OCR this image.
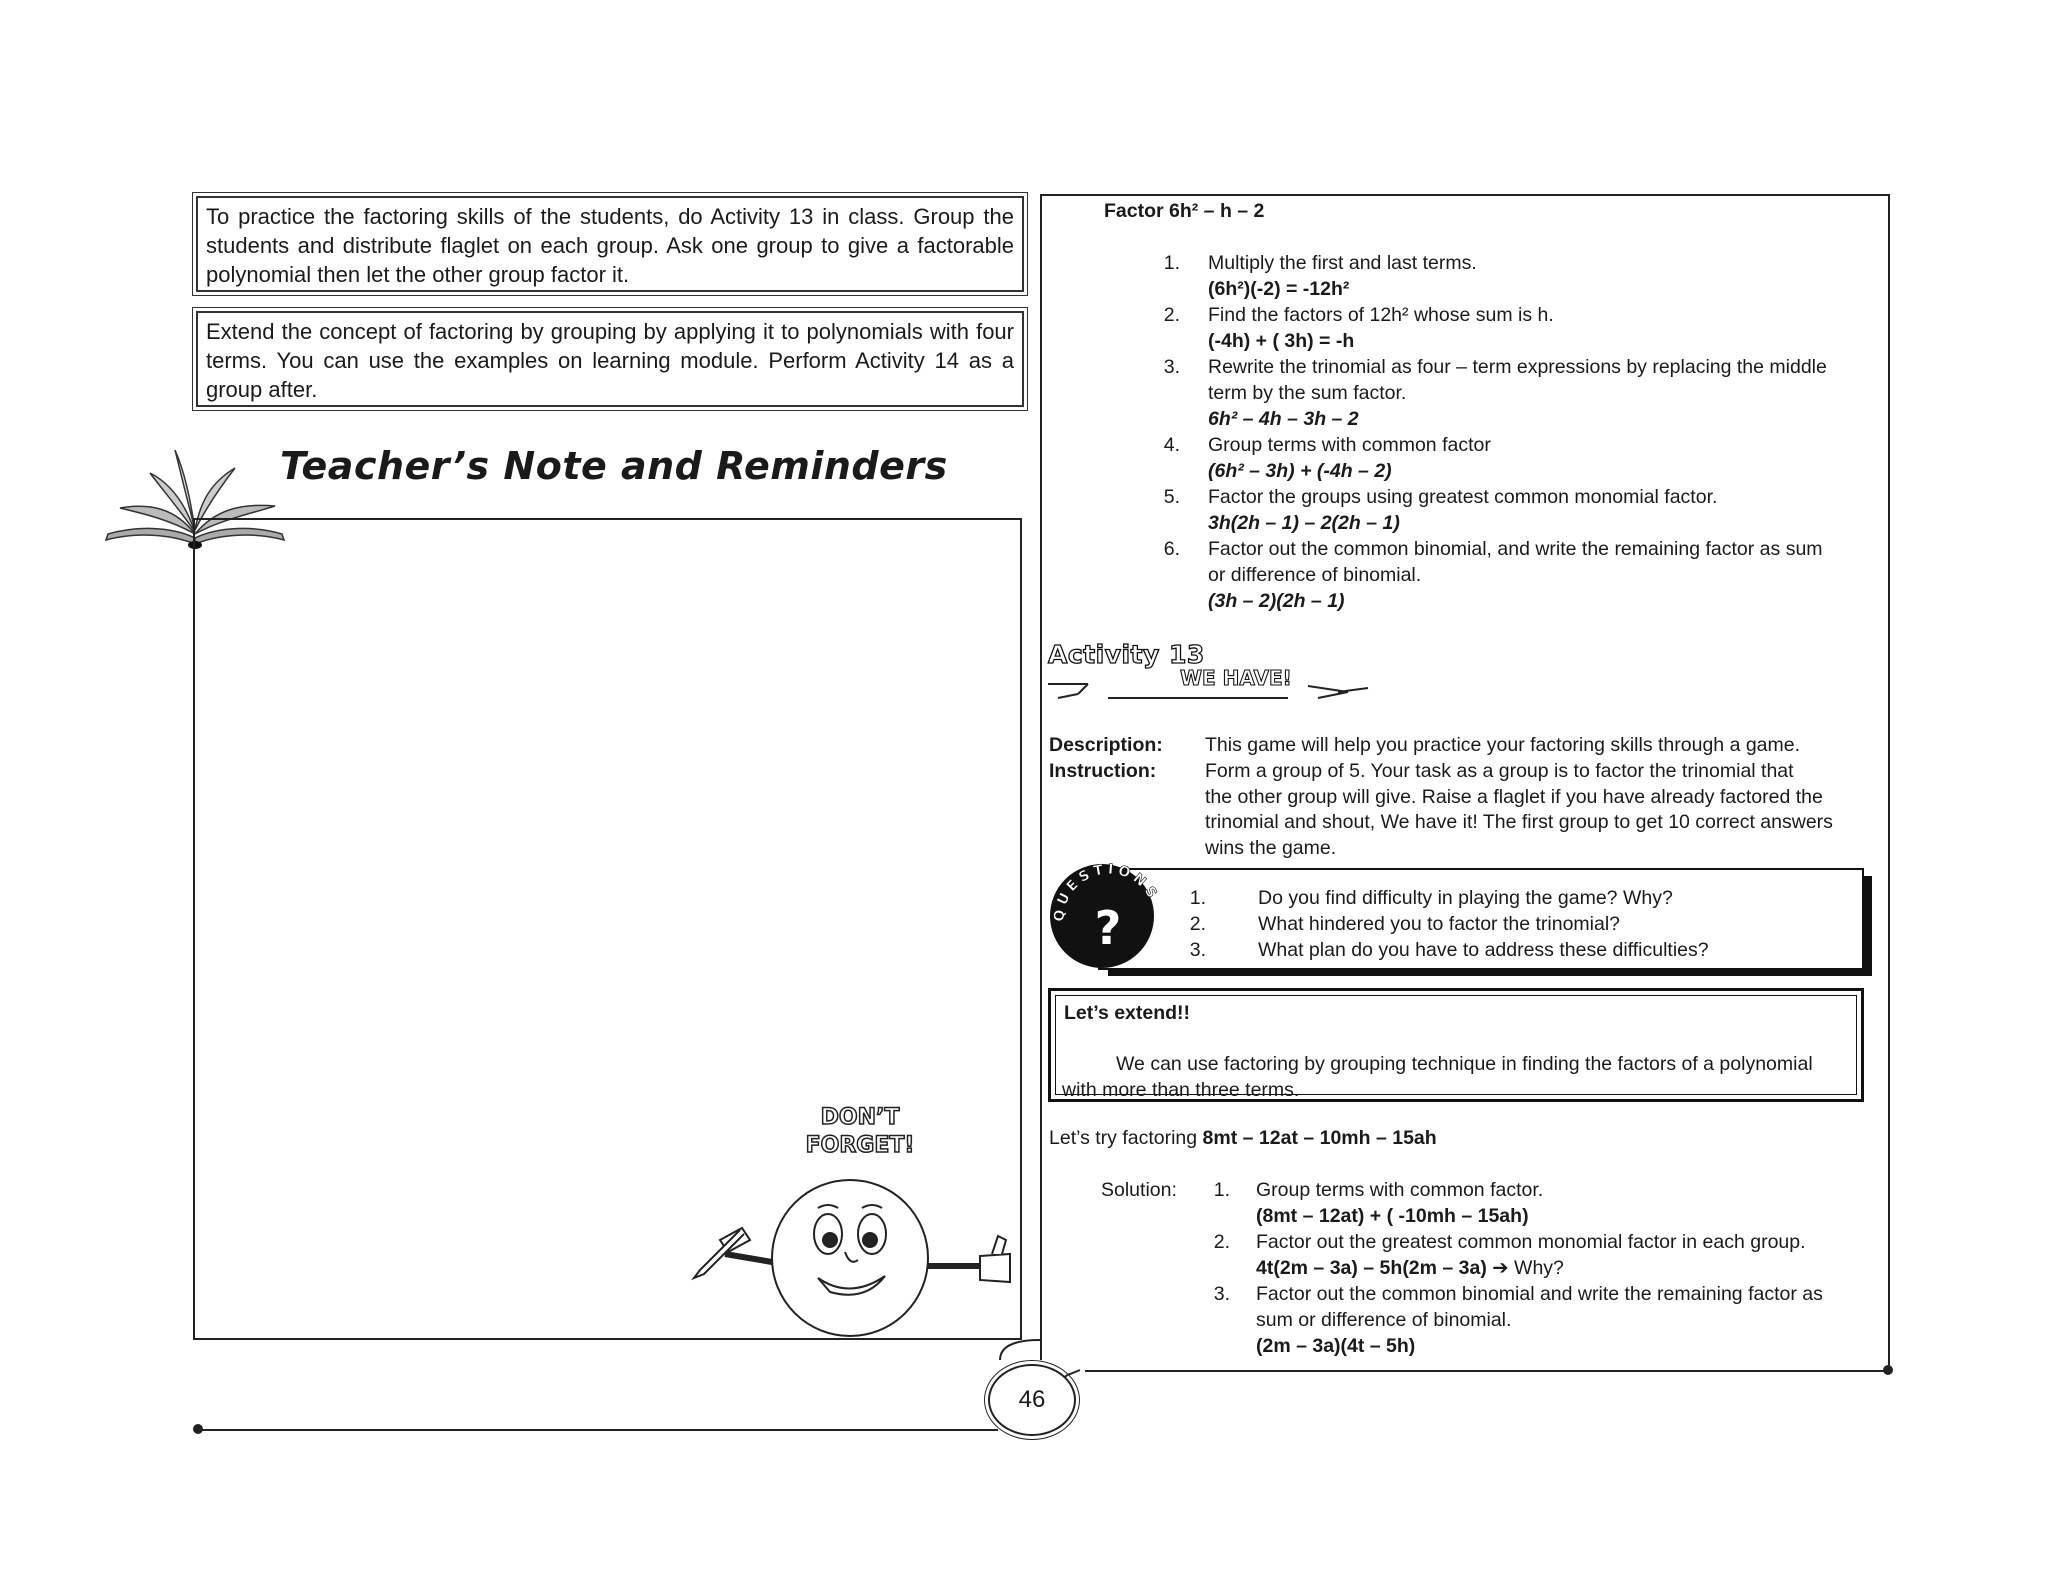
To practice the factoring skills of the students, do Activity 13 in class. Group the students and distribute flaglet on each group. Ask one group to give a factorable polynomial then let the other group factor it.
Extend the concept of factoring by grouping by applying it to polynomials with four terms. You can use the examples on learning module. Perform Activity 14 as a group after.
Teacher’s Note and Reminders
DON’T
FORGET!
Factor 6h² – h – 2
1. Multiply the first and last terms.
(6h²)(-2) = -12h²
2. Find the factors of 12h² whose sum is h.
(-4h) + ( 3h) = -h
3. Rewrite the trinomial as four – term expressions by replacing the middle
term by the sum factor.
6h² – 4h – 3h – 2
4. Group terms with common factor
(6h² – 3h) + (-4h – 2)
5. Factor the groups using greatest common monomial factor.
3h(2h – 1) – 2(2h – 1)
6. Factor out the common binomial, and write the remaining factor as sum
or difference of binomial.
(3h – 2)(2h – 1)
Activity 13
WE HAVE!
Description: This game will help you practice your factoring skills through a game.
Instruction:	Form a group of 5. Your task as a group is to factor the trinomial that
the other group will give. Raise a flaglet if you have already factored the
trinomial and shout, We have it! The first group to get 10 correct answers
wins the game.
?
QUESTIONS	1.	Do you find difficulty in playing the game? Why?
2.	What hindered you to factor the trinomial?
3.	What plan do you have to address these difficulties?
Let’s extend!!
We can use factoring by grouping technique in finding the factors of a polynomial
with more than three terms.
Let’s try factoring 8mt – 12at – 10mh – 15ah
Solution:	1. Group terms with common factor.
(8mt – 12at) + ( -10mh – 15ah)
2. Factor out the greatest common monomial factor in each group.
4t(2m – 3a) – 5h(2m – 3a) ➔ Why?
3. Factor out the common binomial and write the remaining factor as
sum or difference of binomial.
(2m – 3a)(4t – 5h)
46
